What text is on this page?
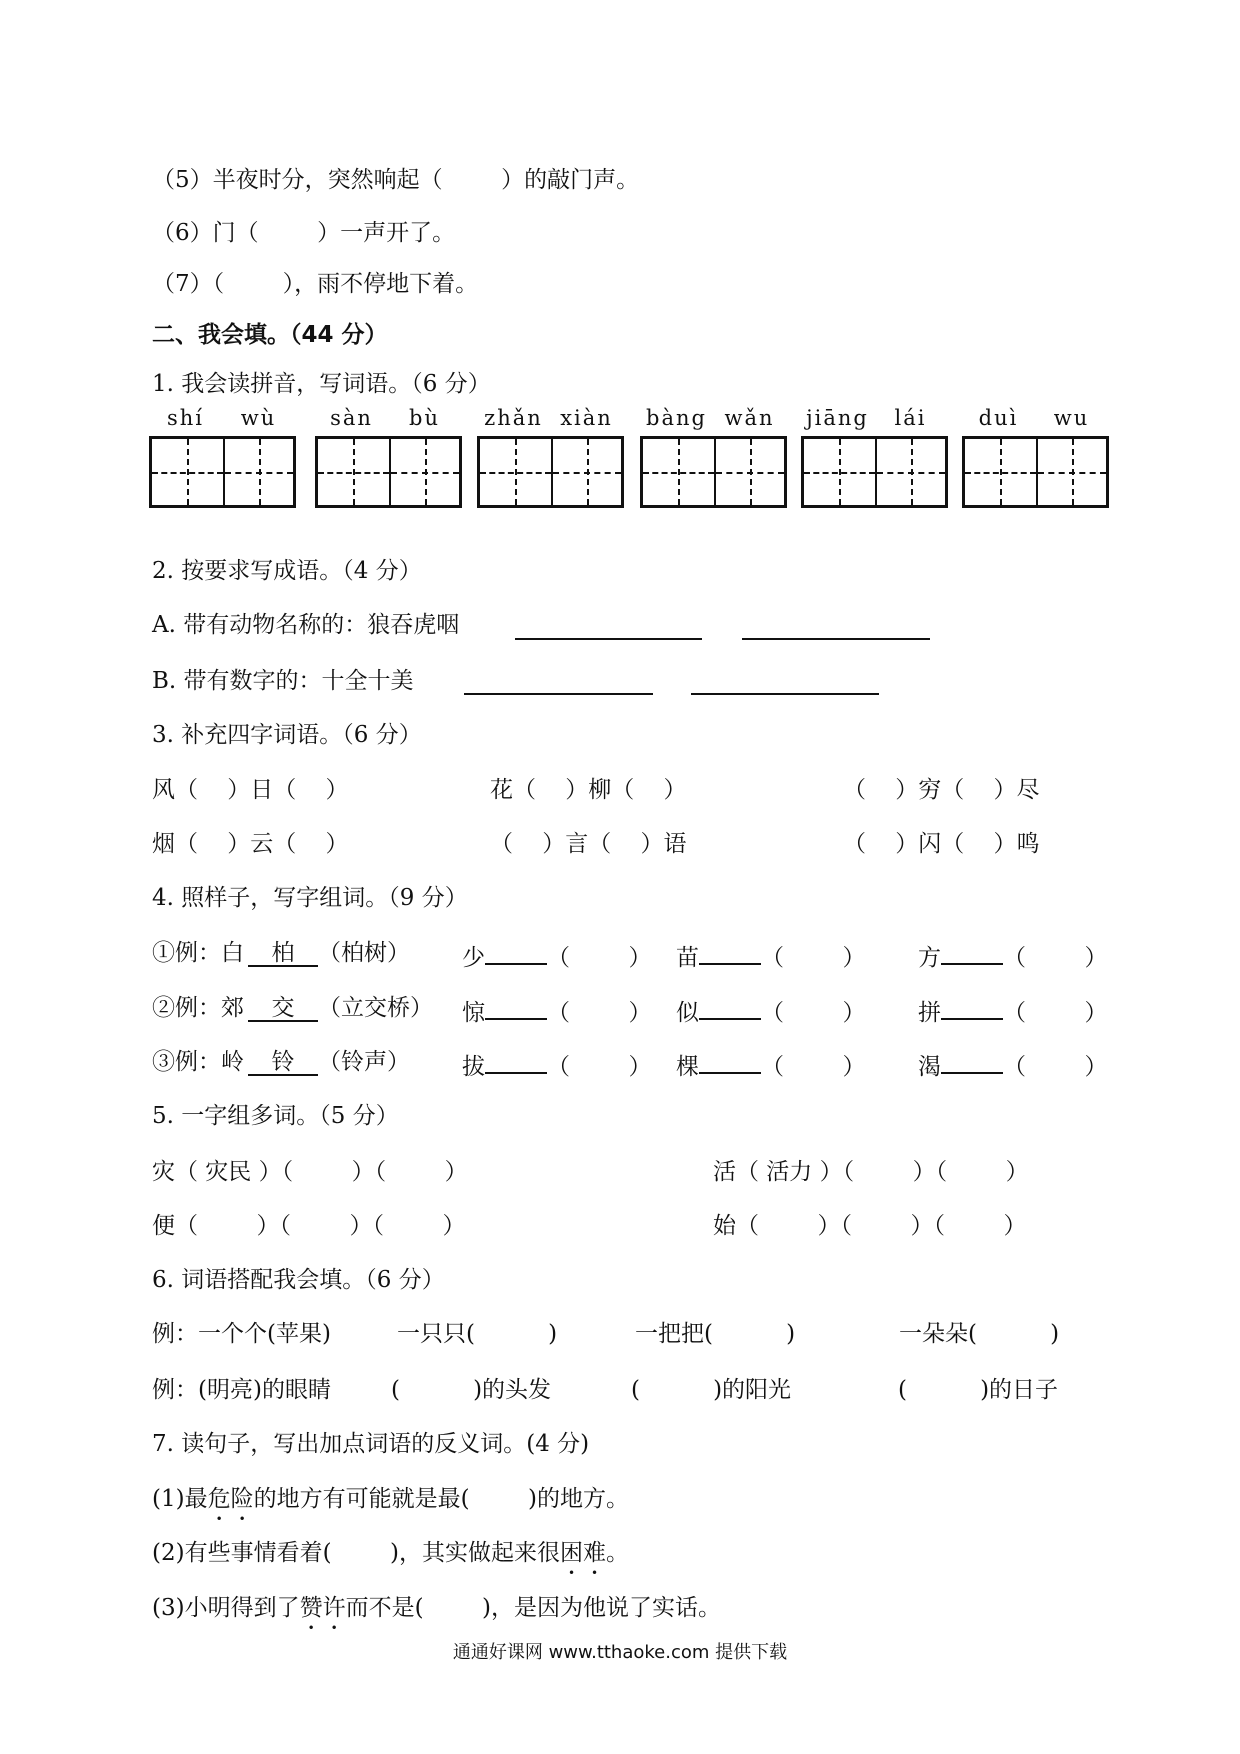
（5）半夜时分，突然响起（        ）的敲门声。
（6）门（        ）一声开了。
（7）（        ），雨不停地下着。
二、我会填。（44 分）
1. 我会读拼音，写词语。（6 分）
shí	wù	sàn	bù	zhǎn xiàn	bàng wǎn	jiāng	lái	duì	wu
2. 按要求写成语。（4 分）
A. 带有动物名称的：狼吞虎咽
B. 带有数字的：十全十美
3. 补充四字词语。（6 分）
风（    ）日（    ）	花（    ）柳（    ）	（    ）穷（    ）尽
烟（    ）云（    ）	（    ）言（    ）语	（    ）闪（    ）鸣
4. 照样子，写字组词。（9 分）
①例：白 柏 （柏树） 少	（        ） 苗	（        ） 方	（        ）
②例：郊 交 （立交桥） 惊	（        ） 似	（        ） 拼	（        ）
③例：岭 铃 （铃声） 拔	（        ） 棵	（        ） 渴	（        ）
5. 一字组多词。（5 分）
灾（ 灾民 ）（        ）（        ）	活（ 活力 ）（        ）（        ）
便（        ）（        ）（        ）	始（        ）（        ）（        ）
6. 词语搭配我会填。（6 分）
例：一个个(苹果)	一只只(          )	一把把(          )	一朵朵(          )
例：(明亮)的眼睛	(          )的头发	(          )的阳光	(          )的日子
7. 读句子，写出加点词语的反义词。(4 分)
(1)最危险的地方有可能就是最(        )的地方。
(2)有些事情看着(        )，其实做起来很困难。
(3)小明得到了赞许而不是(        )，是因为他说了实话。
通通好课网 www.tthaoke.com 提供下载
